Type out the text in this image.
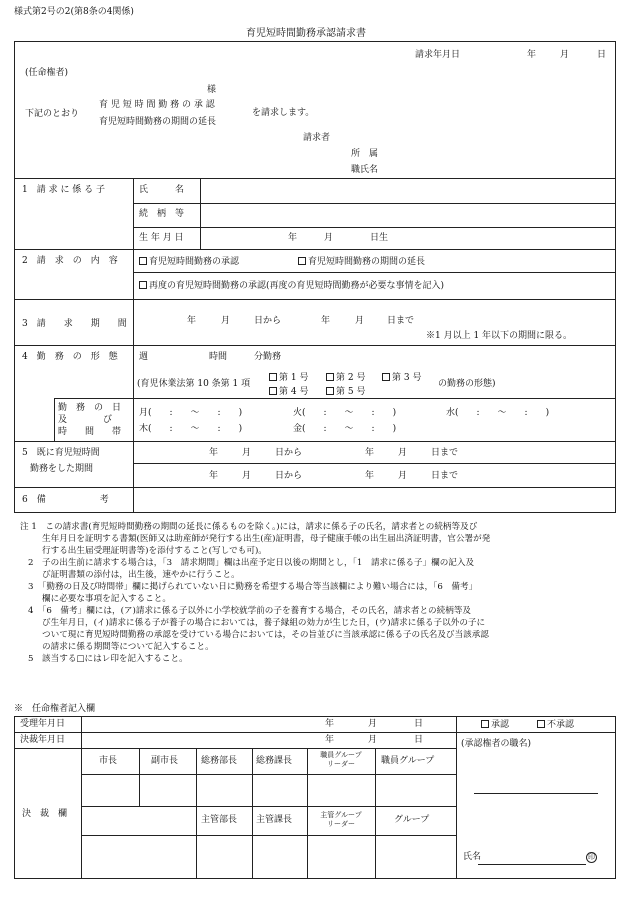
様式第2号の2(第8条の4関係)
育児短時間勤務承認請求書
請求年月日	年	月	日
(任命権者)
様
下記のとおり
育 児 短 時 間 勤 務 の 承 認
育児短時間勤務の期間の延長
を請求します。
請求者
所　属
職氏名
1　請 求 に 係 る 子	氏　　　名
続　柄　等
生 年 月 日	年	月	日生
2　請　求　の　内　容	育児短時間勤務の承認	育児短時間勤務の期間の延長
再度の育児短時間勤務の承認(再度の育児短時間勤務が必要な事情を記入)
3　請　　求　　期　　間	年	月	日から	年	月	日まで
※1 月以上 1 年以下の期間に限る。
4　勤　務　の　形　態 週	時間	分勤務
(育児休業法第 10 条第 1 項
第 1 号	第 2 号	第 3 号
第 4 号	第 5 号
の勤務の形態)
勤　務　の　日
及　　　　び
時　　間　　帯
月(　　:　　〜　　:　　)	火(　　:　　〜　　:　　)	水(　　:　　〜　　:　　)
木(　　:　　〜　　:　　)	金(　　:　　〜　　:　　)
5　既に育児短時間
勤務をした期間
年	月	日から	年	月	日まで
年	月	日から	年	月	日まで
6　備　　　　　　考
注 1　この請求書(育児短時間勤務の期間の延長に係るものを除く。)には，請求に係る子の氏名，請求者との続柄等及び
生年月日を証明する書類(医師又は助産師が発行する出生(産)証明書，母子健康手帳の出生届出済証明書，官公署が発
行する出生届受理証明書等)を添付すること(写しでも可)。
2　子の出生前に請求する場合は，「3　請求期間」欄は出産予定日以後の期間とし，「1　請求に係る子」欄の記入及
び証明書類の添付は，出生後，速やかに行うこと。
3　「勤務の日及び時間帯」欄に掲げられていない日に勤務を希望する場合等当該欄により難い場合には，「6　備考」
欄に必要な事項を記入すること。
4　「6　備考」欄には，(ア)請求に係る子以外に小学校就学前の子を養育する場合，その氏名，請求者との続柄等及
び生年月日，(イ)請求に係る子が養子の場合においては，養子縁組の効力が生じた日，(ウ)請求に係る子以外の子に
ついて現に育児短時間勤務の承認を受けている場合においては，その旨並びに当該承認に係る子の氏名及び当該承認
の請求に係る期間等について記入すること。
5　該当する□にはレ印を記入すること。
※　任命権者記入欄
受理年月日	年	月	日
決裁年月日	年	月	日
承認	不承認
(承認権者の職名)
氏名	印
決　裁　欄
市長	副市長	総務部長 総務課長
職員グループ
リーダー	職員グループ
主管部長 主管課長	主管グループ
リーダー	グループ
